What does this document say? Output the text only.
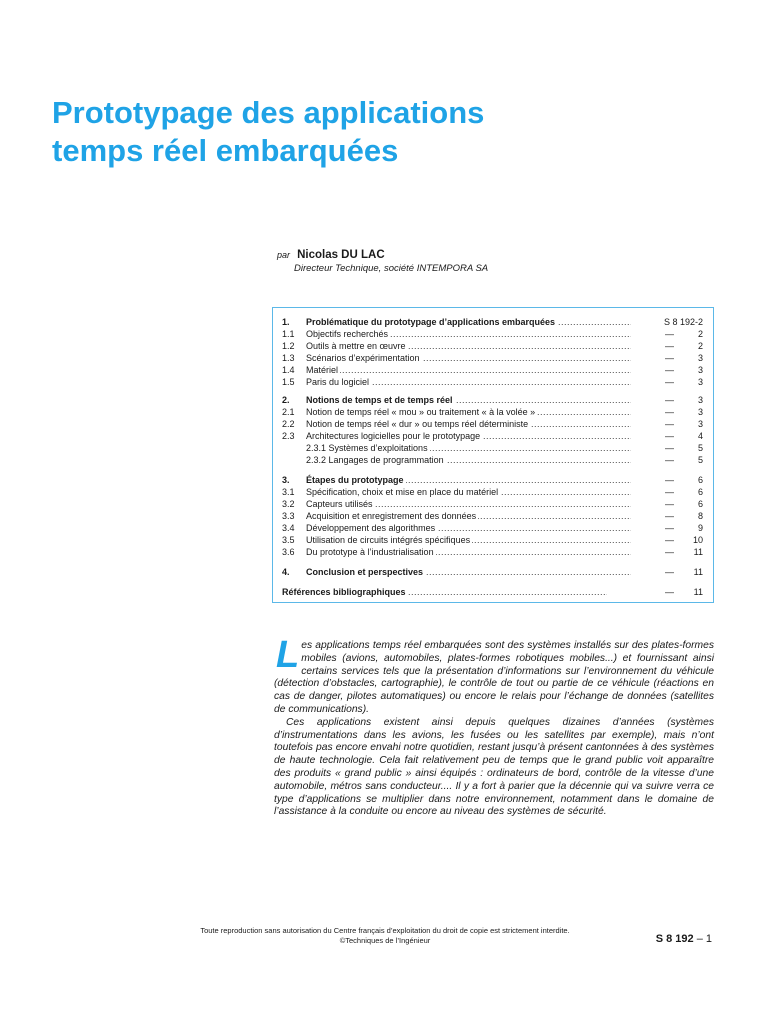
Prototypage des applications
temps réel embarquées
par Nicolas DU LAC
Directeur Technique, société INTEMPORA SA
1. Problématique du prototypage d’applications embarquées .....	S 8 192-2
1.1 Objectifs recherchés .....	—	2
1.2 Outils à mettre en œuvre .....	—	2
1.3 Scénarios d’expérimentation .....	—	3
1.4 Matériel .....	—	3
1.5 Paris du logiciel .....	—	3
2. Notions de temps et de temps réel .....	—	3
2.1 Notion de temps réel « mou » ou traitement « à la volée » .....	—	3
2.2 Notion de temps réel « dur » ou temps réel déterministe .....	—	3
2.3 Architectures logicielles pour le prototypage .....	—	4
2.3.1 Systèmes d’exploitations .....	—	5
2.3.2 Langages de programmation .....	—	5
3. Étapes du prototypage .....	—	6
3.1 Spécification, choix et mise en place du matériel .....	—	6
3.2 Capteurs utilisés .....	—	6
3.3 Acquisition et enregistrement des données .....	—	8
3.4 Développement des algorithmes .....	—	9
3.5 Utilisation de circuits intégrés spécifiques .....	— 10
3.6 Du prototype à l’industrialisation .....	— 11
4. Conclusion et perspectives .....	— 11
Références bibliographiques .....	— 11

Les applications temps réel embarquées sont des systèmes installés sur des plates-formes mobiles (avions, automobiles, plates-formes robotiques mobiles...) et fournissant ainsi certains services tels que la présentation d’informations sur l’environnement du véhicule (détection d’obstacles, cartographie), le contrôle de tout ou partie de ce véhicule (réactions en cas de danger, pilotes automatiques) ou encore le relais pour l’échange de données (satellites de communications).

Ces applications existent ainsi depuis quelques dizaines d’années (systèmes d’instrumentations dans les avions, les fusées ou les satellites par exemple), mais n’ont toutefois pas encore envahi notre quotidien, restant jusqu’à présent cantonnées à des systèmes de haute technologie. Cela fait relativement peu de temps que le grand public voit apparaître des produits « grand public » ainsi équipés : ordinateurs de bord, contrôle de la vitesse d’une automobile, métros sans conducteur.... Il y a fort à parier que la décennie qui va suivre verra ce type d’applications se multiplier dans notre environnement, notamment dans le domaine de l’assistance à la conduite ou encore au niveau des systèmes de sécurité.

Toute reproduction sans autorisation du Centre français d’exploitation du droit de copie est strictement interdite.
©Techniques de l’Ingénieur	S 8 192 – 1
